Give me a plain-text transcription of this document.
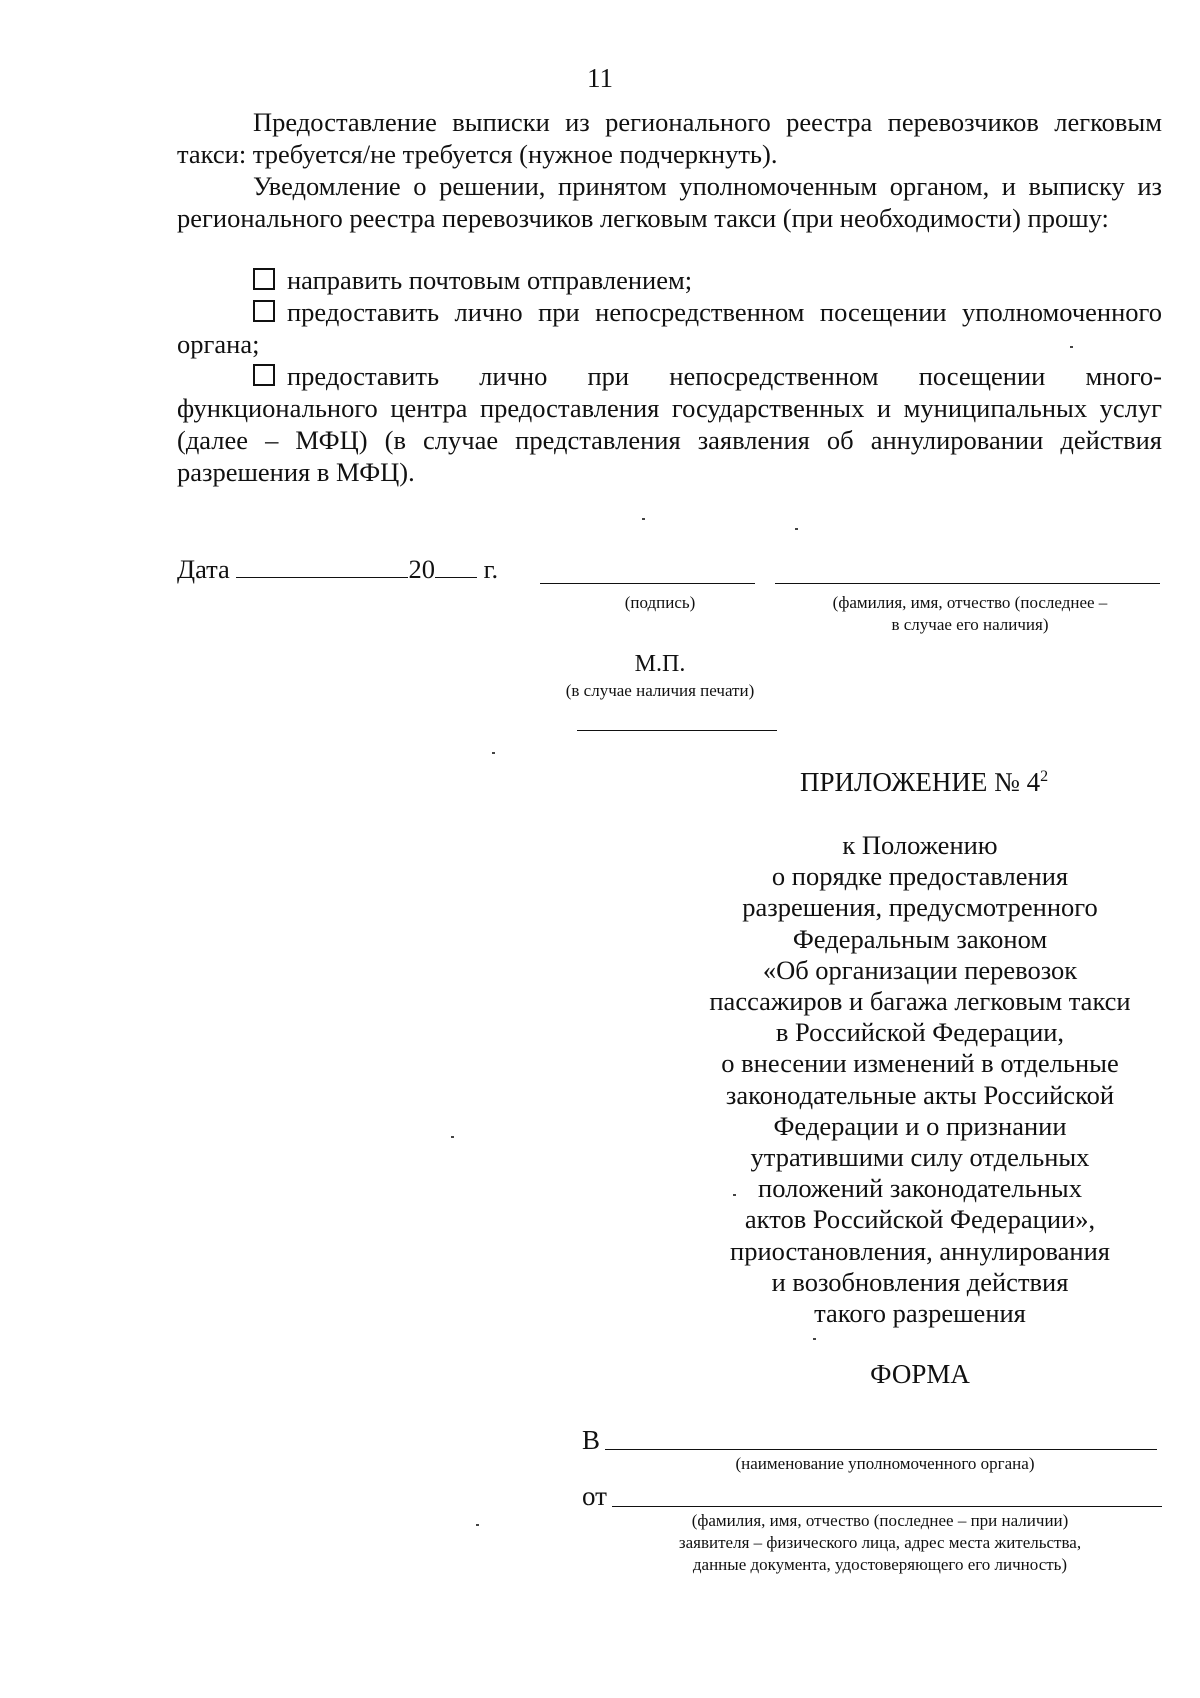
11
Предоставление выписки из регионального реестра перевозчиков легковым такси: требуется/не требуется (нужное подчеркнуть).
Уведомление о решении, принятом уполномоченным органом, и выписку из регионального реестра перевозчиков легковым такси (при необходимости) прошу:
направить почтовым отправлением;
предоставить лично при непосредственном посещении уполномоченного органа;
предоставить лично при непосредственном посещении многофункционального центра предоставления государственных и муниципальных услуг (далее – МФЦ) (в случае представления заявления об аннулировании действия разрешения в МФЦ).
Дата	20 г.
(подпись)	(фамилия, имя, отчество (последнее –
в случае его наличия)
М.П.
(в случае наличия печати)
ПРИЛОЖЕНИЕ № $4^2$
к Положению
о порядке предоставления
разрешения, предусмотренного
Федеральным законом
«Об организации перевозок
пассажиров и багажа легковым такси
в Российской Федерации,
о внесении изменений в отдельные
законодательные акты Российской
Федерации и о признании
утратившими силу отдельных
положений законодательных
актов Российской Федерации»,
приостановления, аннулирования
и возобновления действия
такого разрешения
ФОРМА
В
(наименование уполномоченного органа)
от
(фамилия, имя, отчество (последнее – при наличии)
заявителя – физического лица, адрес места жительства,
данные документа, удостоверяющего его личность)
